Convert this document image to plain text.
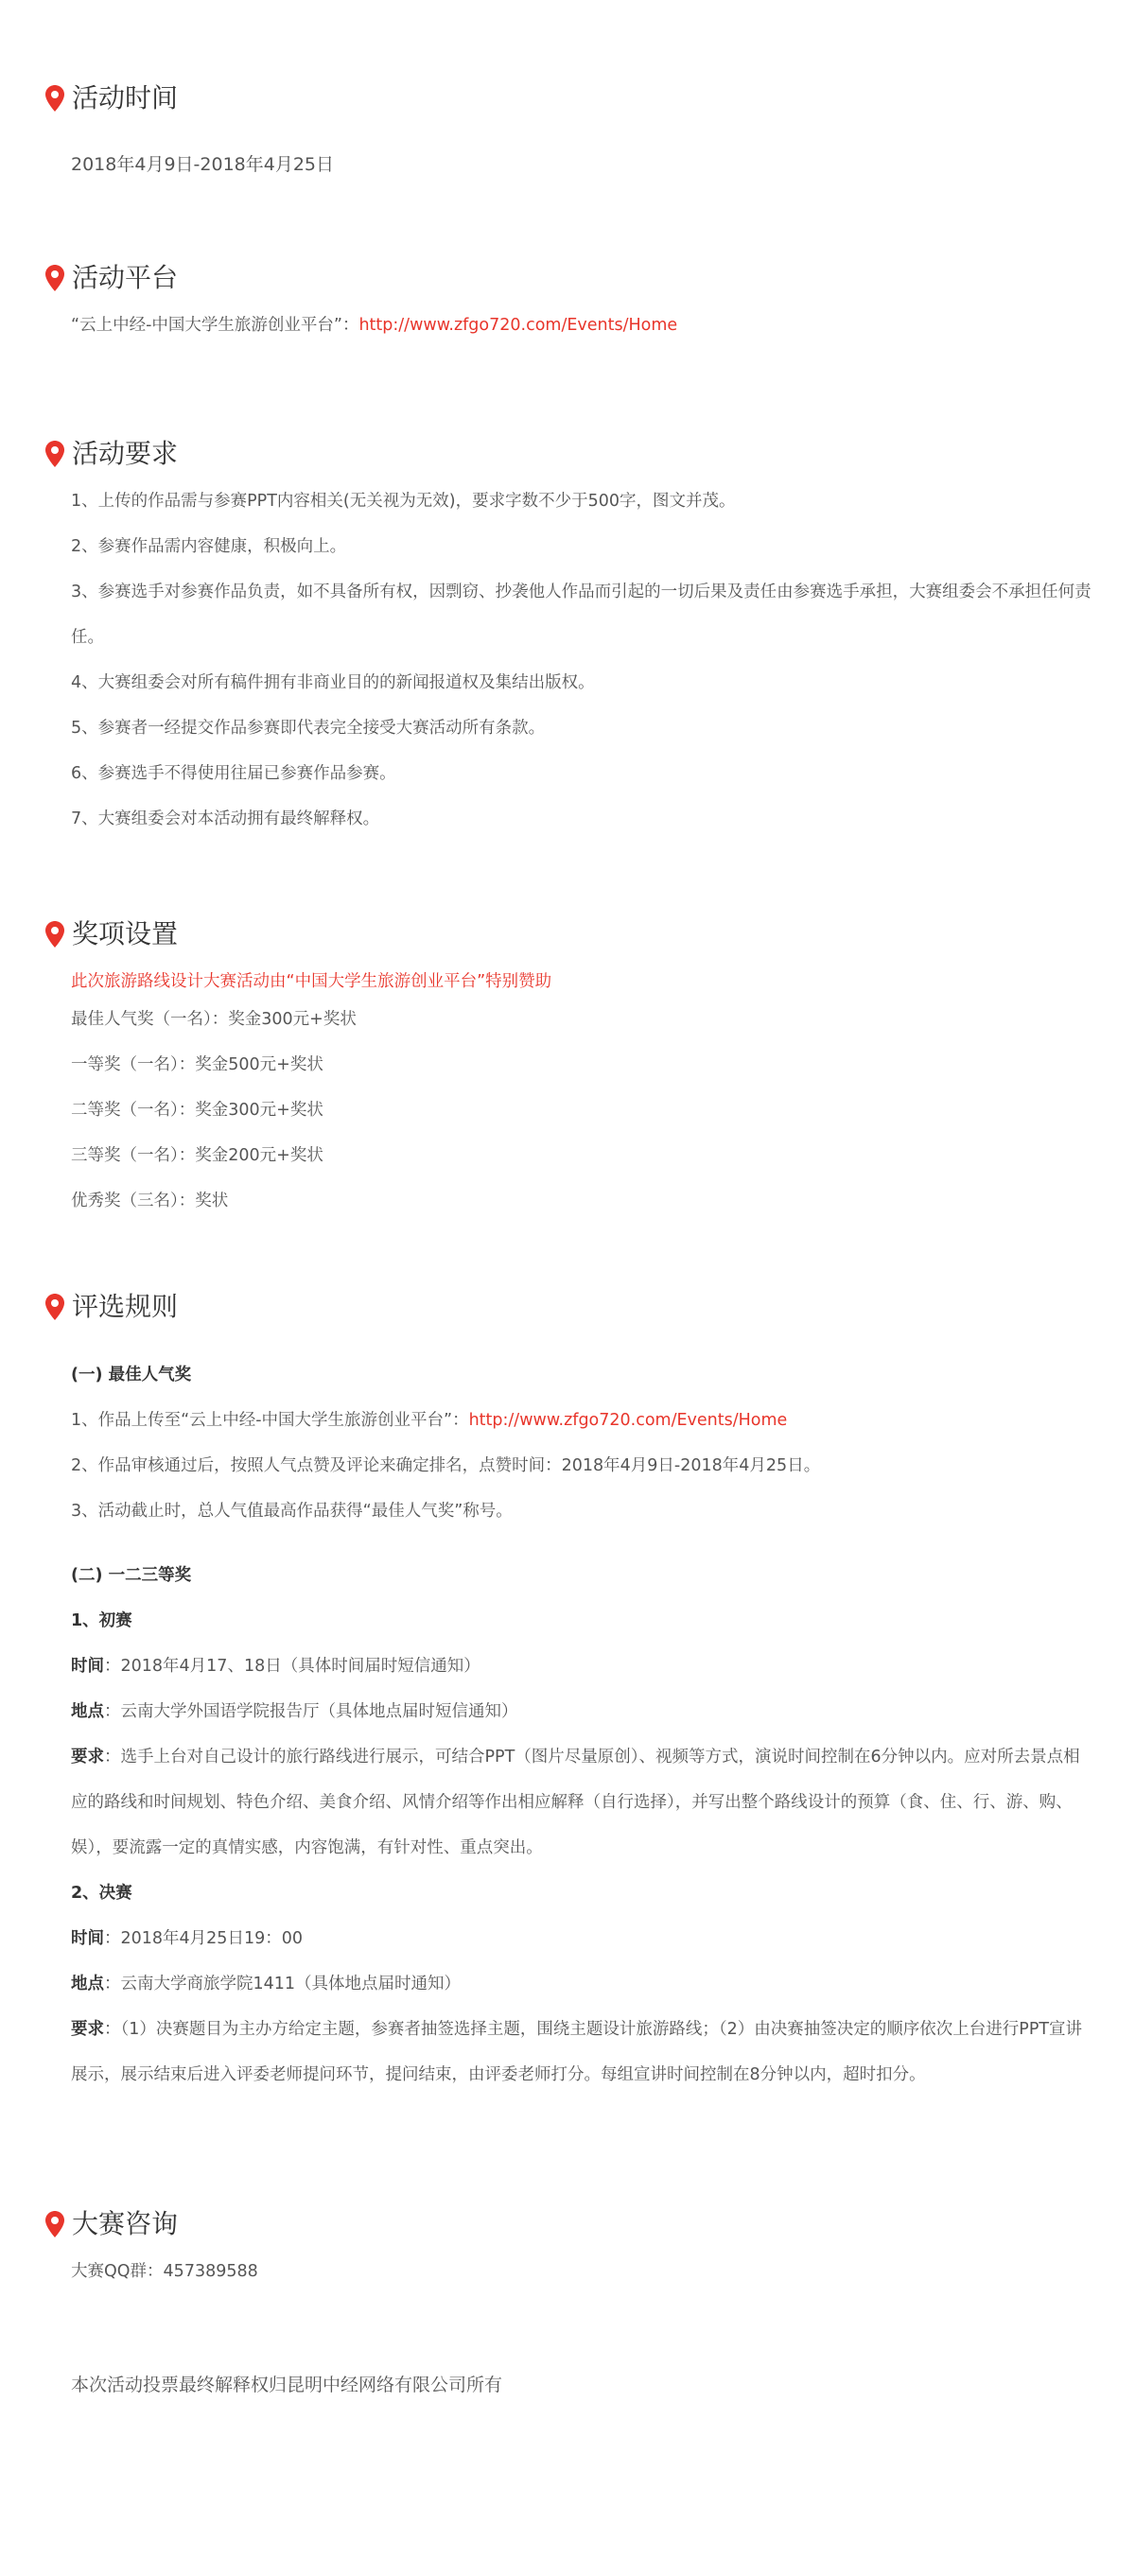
活动时间
2018年4月9日-2018年4月25日
活动平台
“云上中经-中国大学生旅游创业平台”：http://www.zfgo720.com/Events/Home
活动要求
1、上传的作品需与参赛PPT内容相关(无关视为无效)，要求字数不少于500字，图文并茂。
2、参赛作品需内容健康，积极向上。
3、参赛选手对参赛作品负责，如不具备所有权，因剽窃、抄袭他人作品而引起的一切后果及责任由参赛选手承担，大赛组委会不承担任何责任。
4、大赛组委会对所有稿件拥有非商业目的的新闻报道权及集结出版权。
5、参赛者一经提交作品参赛即代表完全接受大赛活动所有条款。
6、参赛选手不得使用往届已参赛作品参赛。
7、大赛组委会对本活动拥有最终解释权。
奖项设置
此次旅游路线设计大赛活动由“中国大学生旅游创业平台”特别赞助
最佳人气奖（一名）：奖金300元+奖状
一等奖（一名）：奖金500元+奖状
二等奖（一名）：奖金300元+奖状
三等奖（一名）：奖金200元+奖状
优秀奖（三名）：奖状
评选规则
(一) 最佳人气奖
1、作品上传至“云上中经-中国大学生旅游创业平台”：http://www.zfgo720.com/Events/Home
2、作品审核通过后，按照人气点赞及评论来确定排名，点赞时间：2018年4月9日-2018年4月25日。
3、活动截止时，总人气值最高作品获得“最佳人气奖”称号。
(二) 一二三等奖
1、初赛
时间：2018年4月17、18日（具体时间届时短信通知）
地点：云南大学外国语学院报告厅（具体地点届时短信通知）
要求：选手上台对自己设计的旅行路线进行展示，可结合PPT（图片尽量原创）、视频等方式，演说时间控制在6分钟以内。应对所去景点相应的路线和时间规划、特色介绍、美食介绍、风情介绍等作出相应解释（自行选择），并写出整个路线设计的预算（食、住、行、游、购、娱），要流露一定的真情实感，内容饱满，有针对性、重点突出。
2、决赛
时间：2018年4月25日19：00
地点：云南大学商旅学院1411（具体地点届时通知）
要求：（1）决赛题目为主办方给定主题，参赛者抽签选择主题，围绕主题设计旅游路线；（2）由决赛抽签决定的顺序依次上台进行PPT宣讲展示，展示结束后进入评委老师提问环节，提问结束，由评委老师打分。每组宣讲时间控制在8分钟以内，超时扣分。
大赛咨询
大赛QQ群：457389588
本次活动投票最终解释权归昆明中经网络有限公司所有
